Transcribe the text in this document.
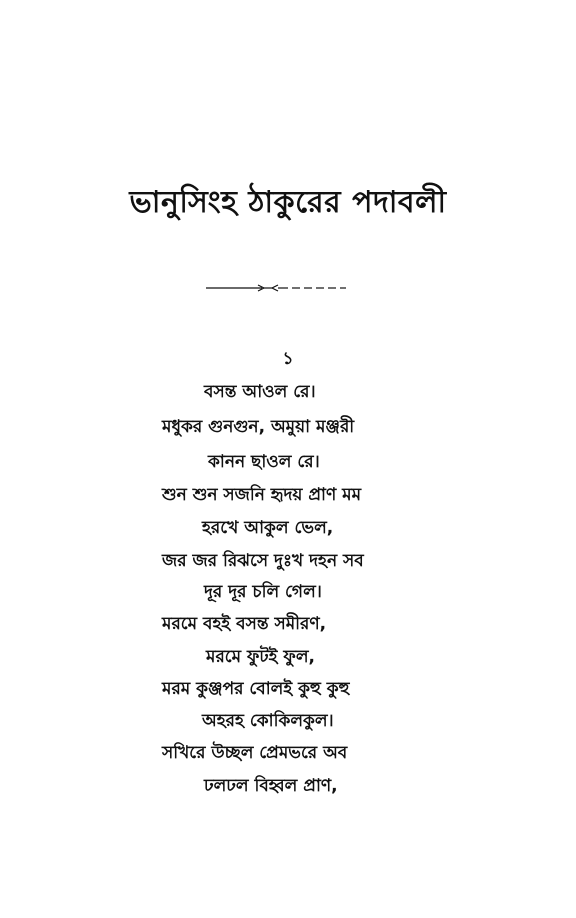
ভানুসিংহ ঠাকুরের পদাবলী
১
বসন্ত আওল রে।
মধুকর গুনগুন, অমুয়া মঞ্জরী
কানন ছাওল রে।
শুন শুন সজনি হৃদয় প্রাণ মম
হরখে আকুল ভেল,
জর জর রিঝসে দুঃখ দহন সব
দূর দূর চলি গেল।
মরমে বহই বসন্ত সমীরণ,
মরমে ফুটই ফুল,
মরম কুঞ্জপর বোলই কুহু কুহু
অহরহ কোকিলকুল।
সখিরে উচ্ছল প্রেমভরে অব
ঢলঢল বিহ্বল প্রাণ,
